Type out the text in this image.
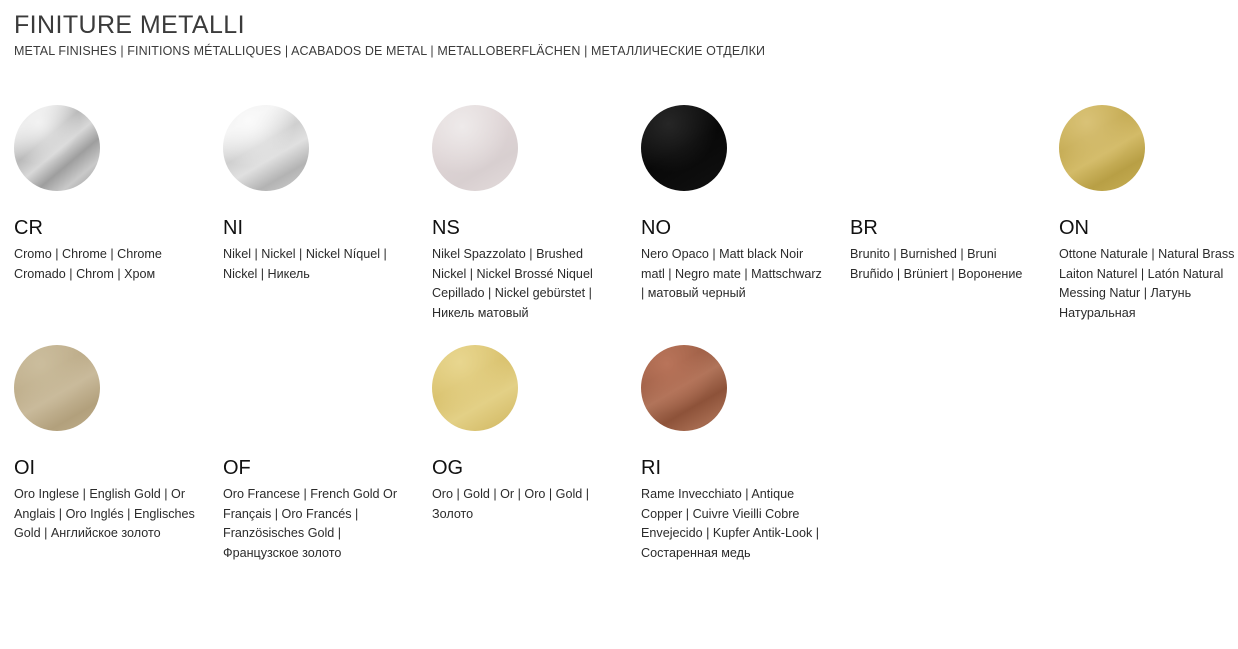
FINITURE METALLI

METAL FINISHES | FINITIONS MÉTALLIQUES | ACABADOS DE METAL | METALLOBERFLÄCHEN | МЕТАЛЛИЧЕСКИЕ ОТДЕЛКИ

CR

Cromo | Chrome | Chrome Cromado | Chrom | Хром

NI

Nikel | Nickel | Nickel Níquel | Nickel | Никель

NS

Nikel Spazzolato | Brushed Nickel | Nickel Brossé Niquel Cepillado | Nickel gebürstet | Никель матовый

NO

Nero Opaco | Matt black Noir matl | Negro mate | Mattschwarz | матовый черный

BR

Brunito | Burnished | Bruni Bruñido | Brüniert | Воронение

ON

Ottone Naturale | Natural Brass Laiton Naturel | Latón Natural Messing Natur | Латунь Натуральная

OI

Oro Inglese | English Gold | Or Anglais | Oro Inglés | Englisches Gold | Английское золото

OF

Oro Francese | French Gold Or Français | Oro Francés | Französisches Gold | Французское золото

OG

Oro | Gold | Or | Oro | Gold | Золото

RI

Rame Invecchiato | Antique Copper | Cuivre Vieilli Cobre Envejecido | Kupfer Antik-Look | Состаренная медь
